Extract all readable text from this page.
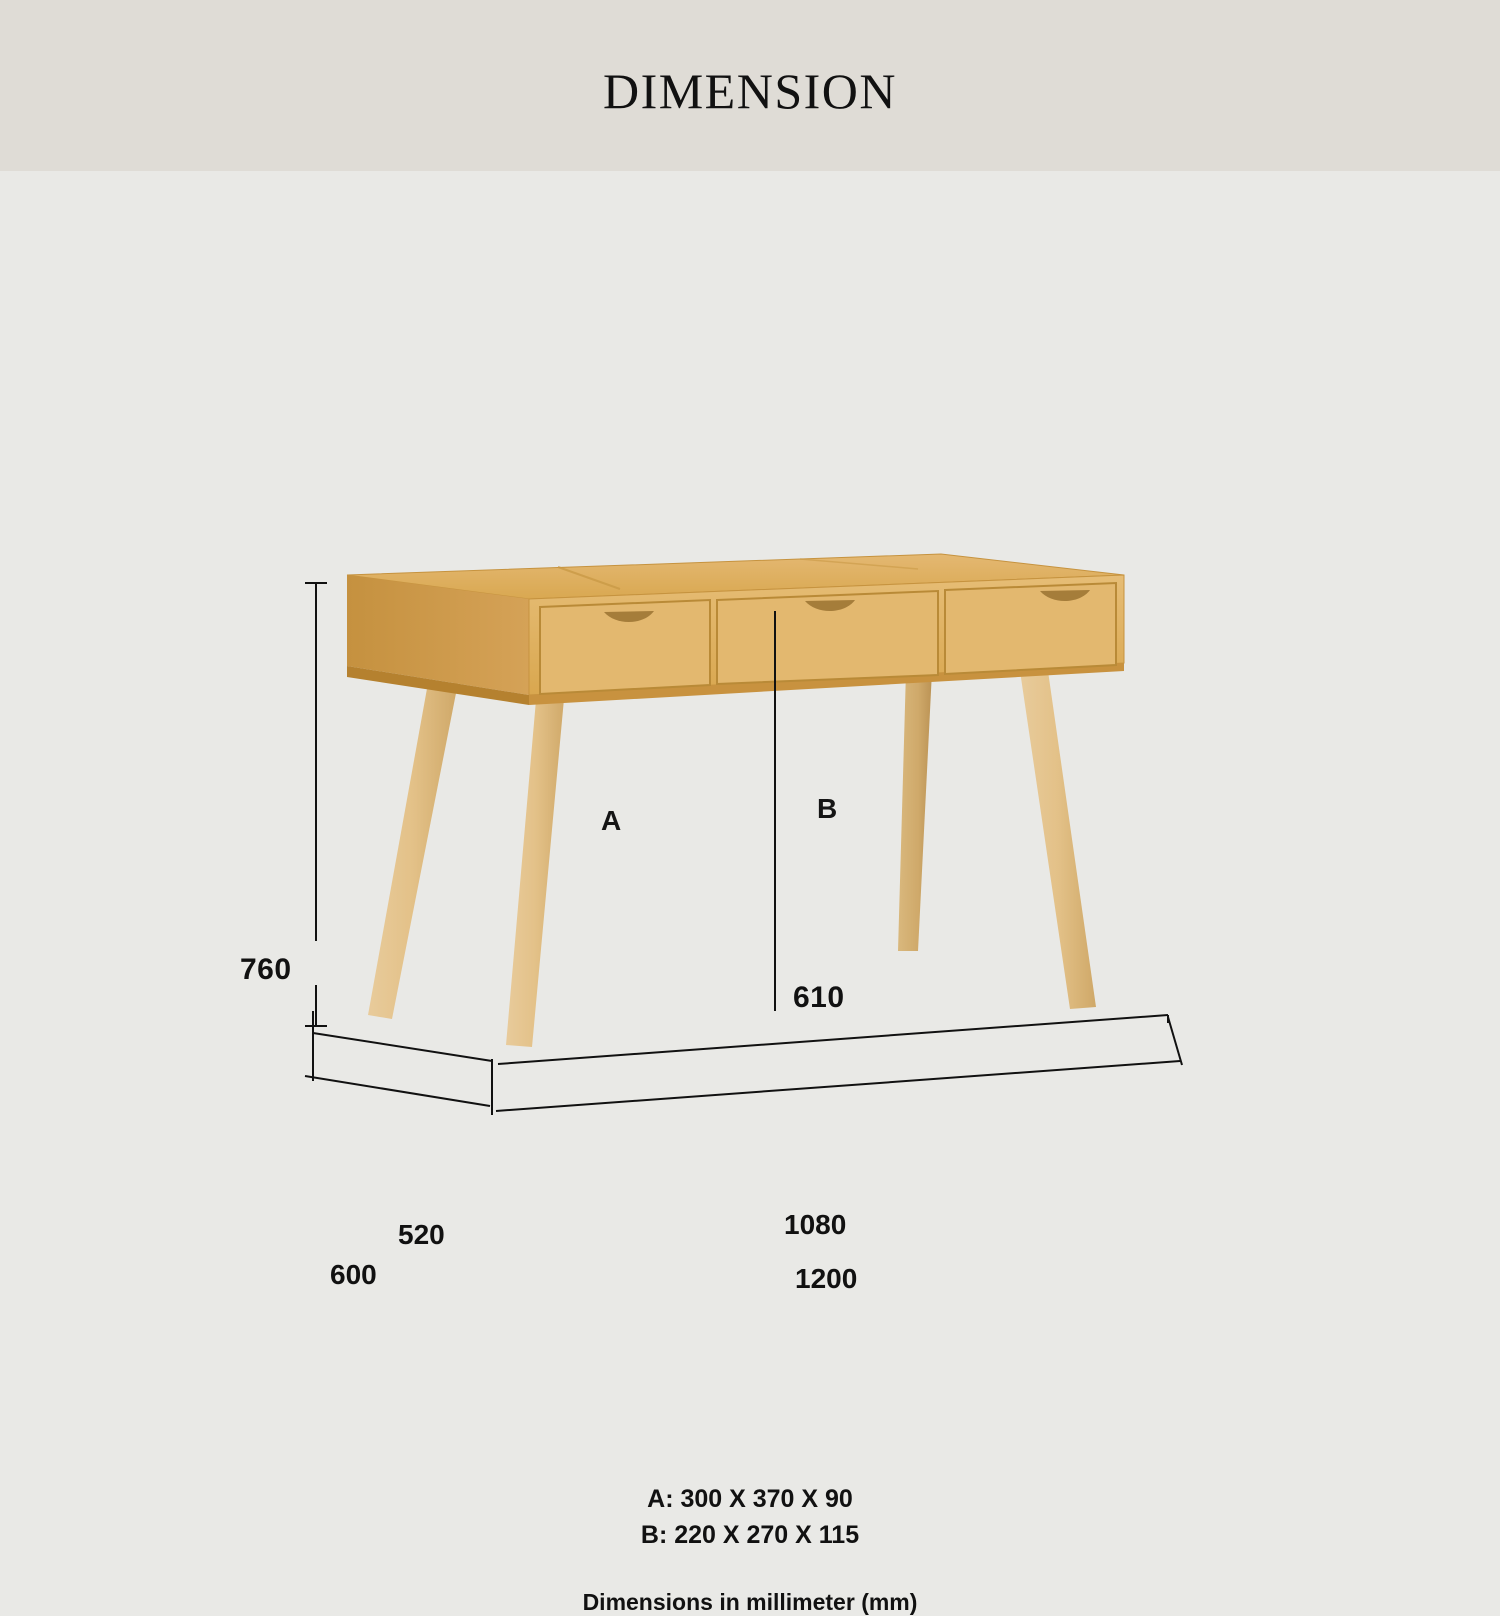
DIMENSION
760
610
520
600
1080
1200
A	B
A: 300 X 370 X 90
B: 220 X 270 X 115
Dimensions in millimeter (mm)
